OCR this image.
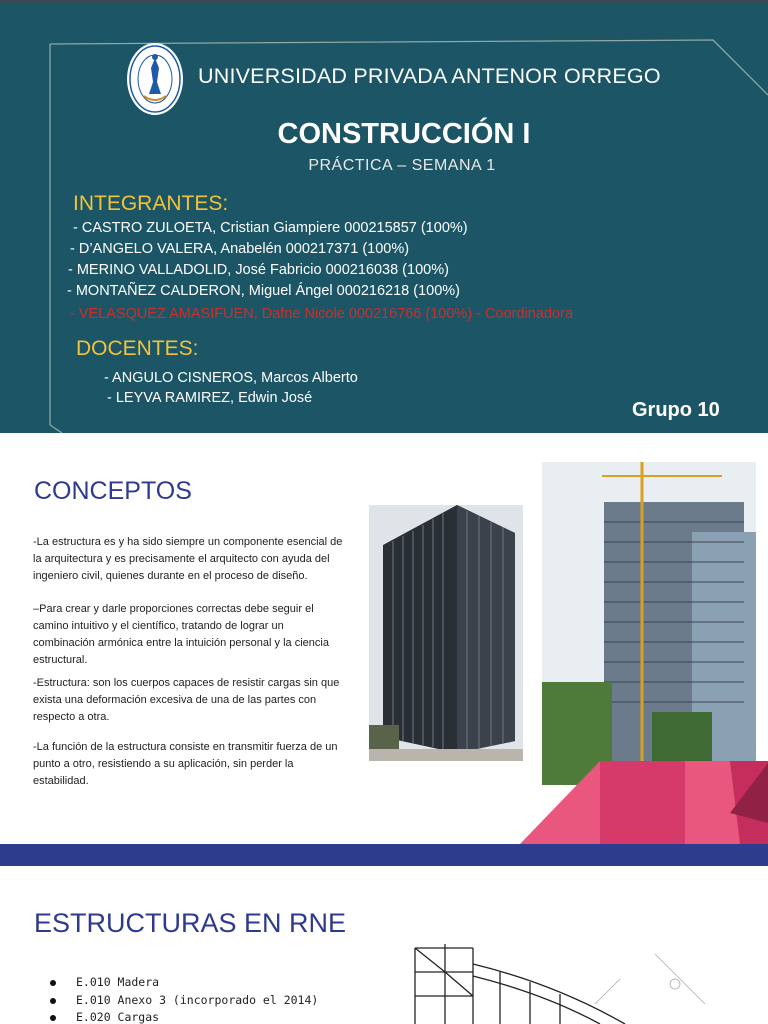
UNIVERSIDAD PRIVADA ANTENOR ORREGO
CONSTRUCCIÓN I
PRÁCTICA – SEMANA 1
INTEGRANTES:
- CASTRO ZULOETA, Cristian Giampiere 000215857 (100%)
- D’ANGELO VALERA, Anabelén 000217371 (100%)
- MERINO VALLADOLID, José Fabricio 000216038 (100%)
- MONTAÑEZ CALDERON, Miguel Ángel 000216218 (100%)
- VELASQUEZ AMASIFUEN, Dafne Nicole 000216766 (100%) - Coordinadora
DOCENTES:
- ANGULO CISNEROS, Marcos Alberto
- LEYVA RAMIREZ, Edwin José
Grupo 10
CONCEPTOS
-La estructura es y ha sido siempre un componente esencial de la arquitectura y es precisamente el arquitecto con ayuda del ingeniero civil, quienes durante en el proceso de diseño.
–Para crear y darle proporciones correctas debe seguir el camino intuitivo y el científico, tratando de lograr un combinación armónica entre la intuición personal y la ciencia estructural.
-Estructura: son los cuerpos capaces de resistir cargas sin que exista una deformación excesiva de una de las partes con respecto a otra.
-La función de la estructura consiste en transmitir fuerza de un punto a otro, resistiendo a su aplicación, sin perder la estabilidad.
ESTRUCTURAS EN RNE
E.010 Madera
E.010 Anexo 3 (incorporado el 2014)
E.020 Cargas
